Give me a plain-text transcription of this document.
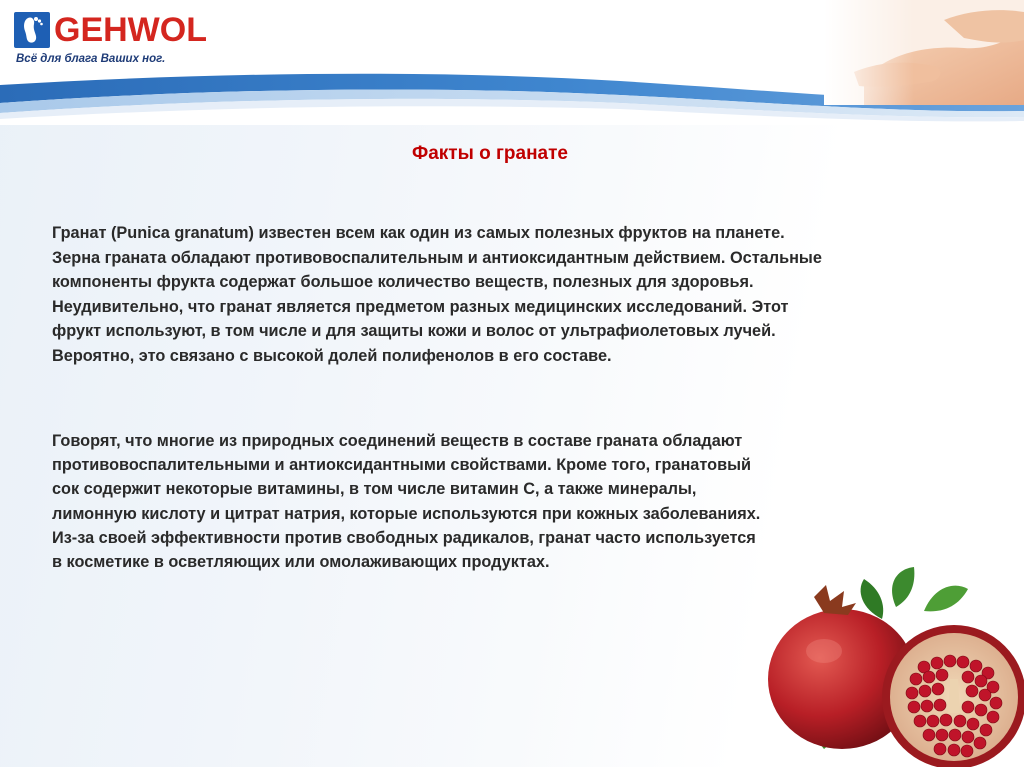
GEHWOL
Всё для блага Ваших ног.
Факты о гранате
Гранат (Punica granatum) известен всем как один из самых полезных фруктов на планете.
Зерна граната обладают противовоспалительным и антиоксидантным действием. Остальные
компоненты фрукта содержат большое количество веществ, полезных для здоровья.
Неудивительно, что гранат является предметом разных медицинских исследований. Этот
фрукт используют, в том числе и для защиты кожи и волос от ультрафиолетовых лучей.
Вероятно, это связано с высокой долей полифенолов в его составе.
Говорят, что многие из природных соединений веществ в составе граната обладают
противовоспалительными и антиоксидантными свойствами. Кроме того, гранатовый
сок содержит некоторые витамины, в том числе витамин С, а также минералы,
лимонную кислоту и цитрат натрия, которые используются при кожных заболеваниях.
Из-за своей эффективности против свободных радикалов, гранат часто используется
в косметике в осветляющих или омолаживающих продуктах.
